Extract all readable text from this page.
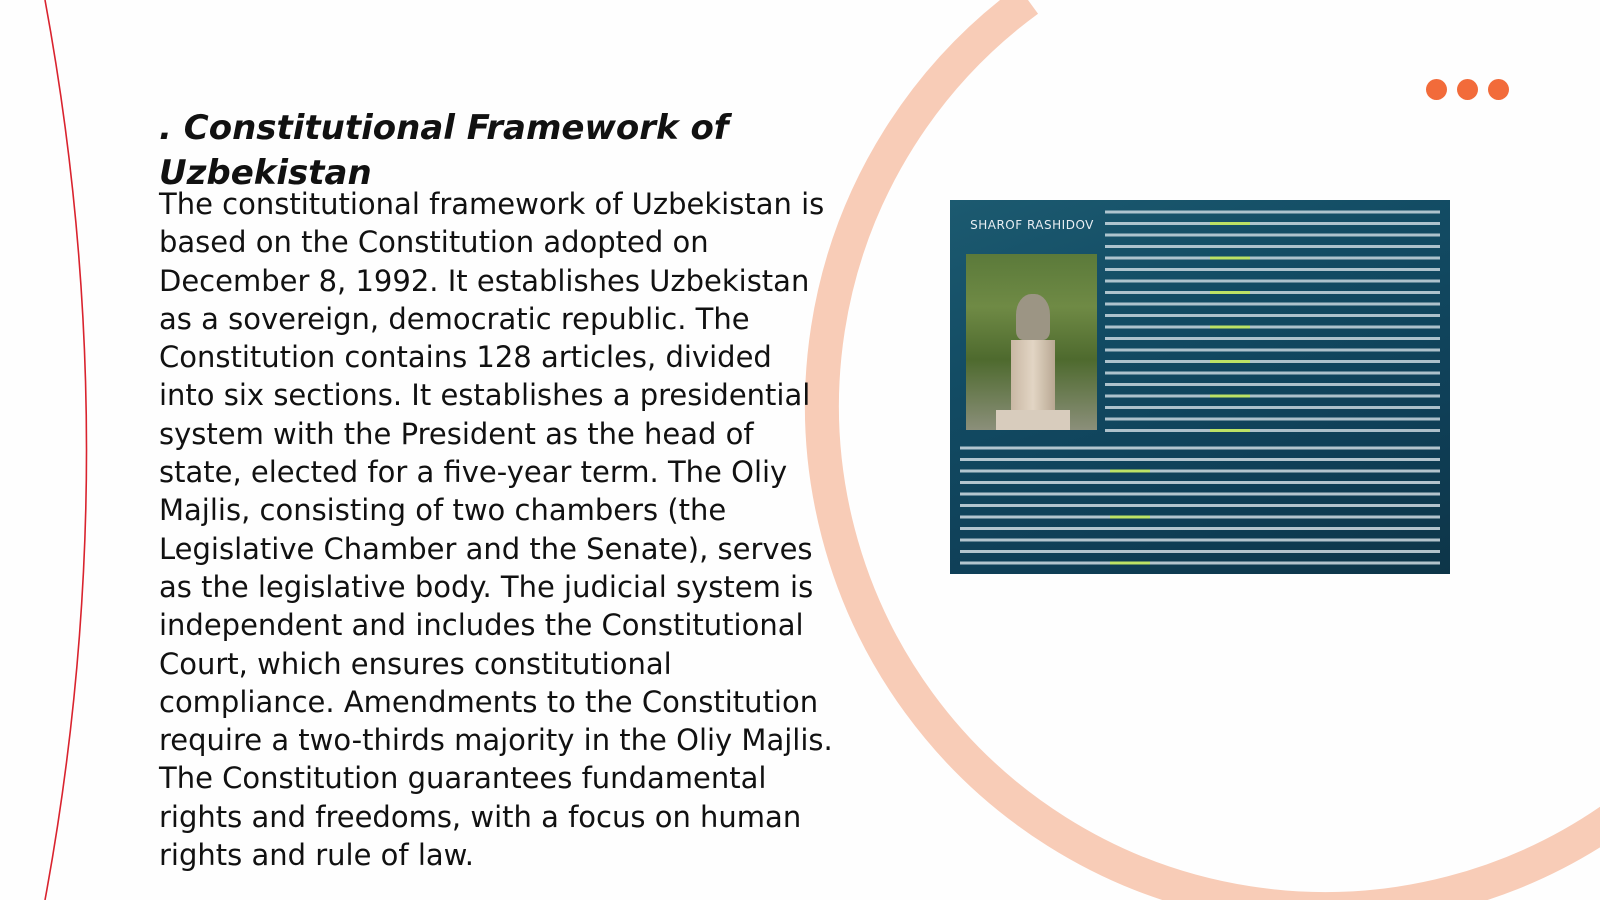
. Constitutional Framework of Uzbekistan

The constitutional framework of Uzbekistan is based on the Constitution adopted on December 8, 1992. It establishes Uzbekistan as a sovereign, democratic republic. The Constitution contains 128 articles, divided into six sections. It establishes a presidential system with the President as the head of state, elected for a five-year term. The Oliy Majlis, consisting of two chambers (the Legislative Chamber and the Senate), serves as the legislative body. The judicial system is independent and includes the Constitutional Court, which ensures constitutional compliance. Amendments to the Constitution require a two-thirds majority in the Oliy Majlis. The Constitution guarantees fundamental rights and freedoms, with a focus on human rights and rule of law.

SHAROF RASHIDOV
